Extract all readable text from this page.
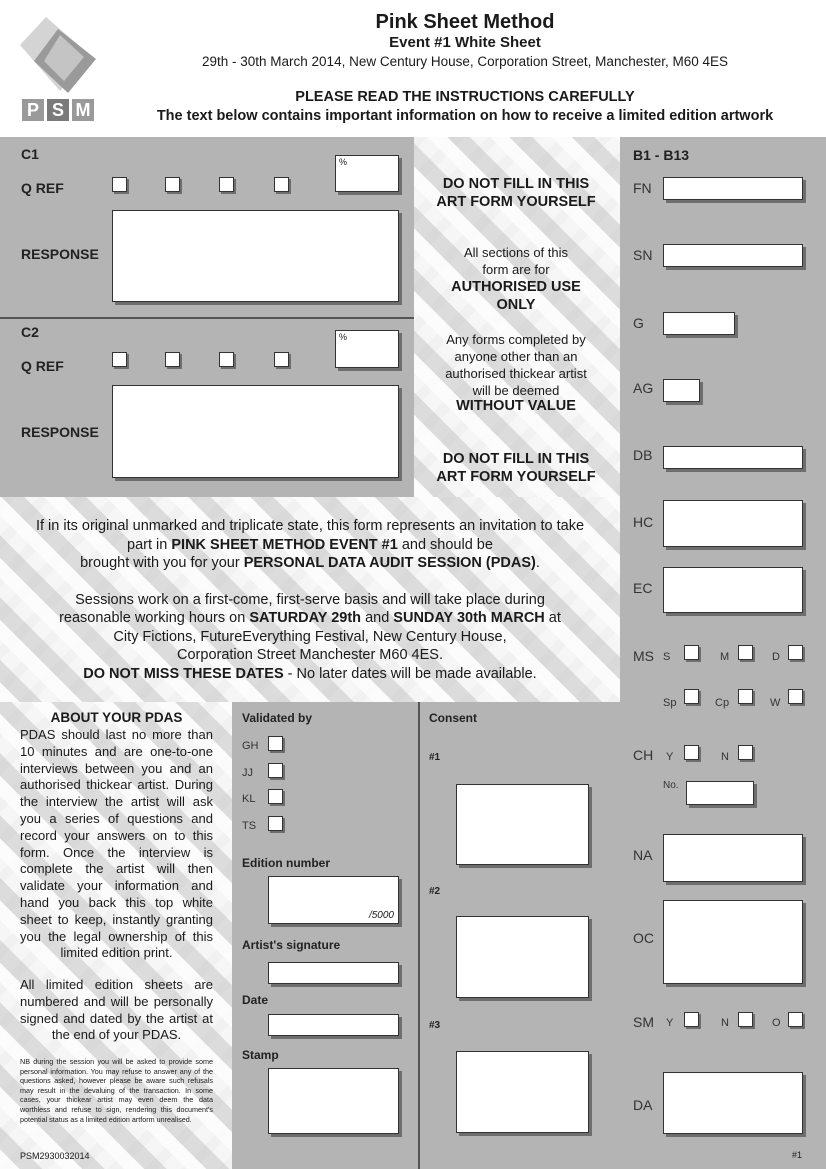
P S M
Pink Sheet Method
Event #1 White Sheet
29th - 30th March 2014, New Century House, Corporation Street, Manchester, M60 4ES
PLEASE READ THE INSTRUCTIONS CAREFULLY
The text below contains important information on how to receive a limited edition artwork
C1
Q REF
%
RESPONSE
C2
Q REF
%
RESPONSE
DO NOT FILL IN THIS ART FORM YOURSELF
All sections of this form are for
AUTHORISED USE ONLY
Any forms completed by anyone other than an authorised thickear artist will be deemed
WITHOUT VALUE
DO NOT FILL IN THIS ART FORM YOURSELF
If in its original unmarked and triplicate state, this form represents an invitation to take
part in PINK SHEET METHOD EVENT #1 and should be
brought with you for your PERSONAL DATA AUDIT SESSION (PDAS).
Sessions work on a first-come, first-serve basis and will take place during
reasonable working hours on SATURDAY 29th and SUNDAY 30th MARCH at
City Fictions, FutureEverything Festival, New Century House,
Corporation Street Manchester M60 4ES.
DO NOT MISS THESE DATES - No later dates will be made available.
ABOUT YOUR PDAS
PDAS should last no more than 10 minutes and are one-to-one interviews between you and an authorised thickear artist. During the interview the artist will ask you a series of questions and record your answers on to this form. Once the interview is complete the artist will then validate your information and hand you back this top white sheet to keep, instantly granting you the legal ownership of this limited edition print.
All limited edition sheets are numbered and will be personally signed and dated by the artist at the end of your PDAS.
NB during the session you will be asked to provide some personal information. You may refuse to answer any of the questions asked, however please be aware such refusals may result in the devaluing of the transaction. In some cases, your thickear artist may even deem the data worthless and refuse to sign, rendering this document's potential status as a limited edition artform unrealised.
PSM2930032014
Validated by
GH
JJ
KL
TS
Edition number
/5000
Artist's signature
Date
Stamp
Consent
#1
#2
#3
B1 - B13
FN
SN
G
AG
DB
HC
EC
MS S	M	D
Sp	Cp	W
CH Y	N
No.
NA
OC
SM Y	N	O
DA
#1
